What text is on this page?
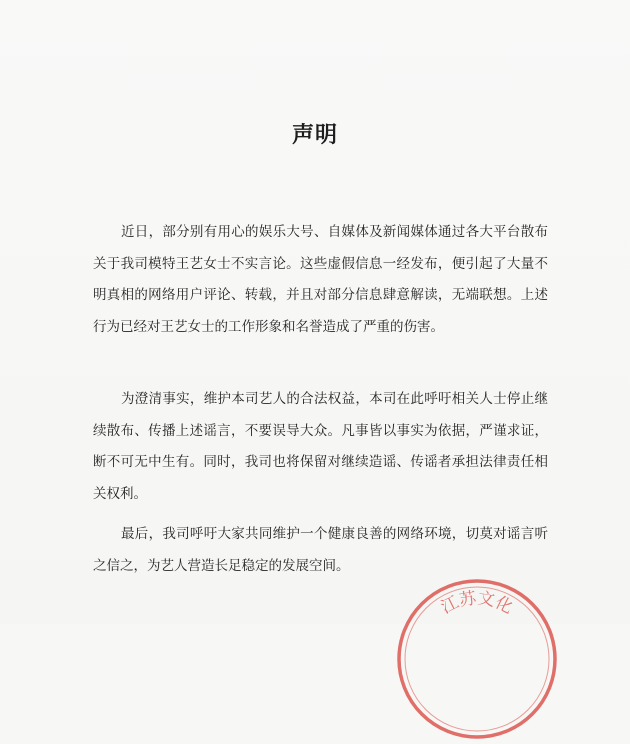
声明

近日，部分别有用心的娱乐大号、自媒体及新闻媒体通过各大平台散布关于我司模特王艺女士不实言论。这些虚假信息一经发布，便引起了大量不明真相的网络用户评论、转载，并且对部分信息肆意解读，无端联想。上述行为已经对王艺女士的工作形象和名誉造成了严重的伤害。

为澄清事实，维护本司艺人的合法权益，本司在此呼吁相关人士停止继续散布、传播上述谣言，不要误导大众。凡事皆以事实为依据，严谨求证，断不可无中生有。同时，我司也将保留对继续造谣、传谣者承担法律责任相关权利。

最后，我司呼吁大家共同维护一个健康良善的网络环境，切莫对谣言听之信之，为艺人营造长足稳定的发展空间。

江苏文化
